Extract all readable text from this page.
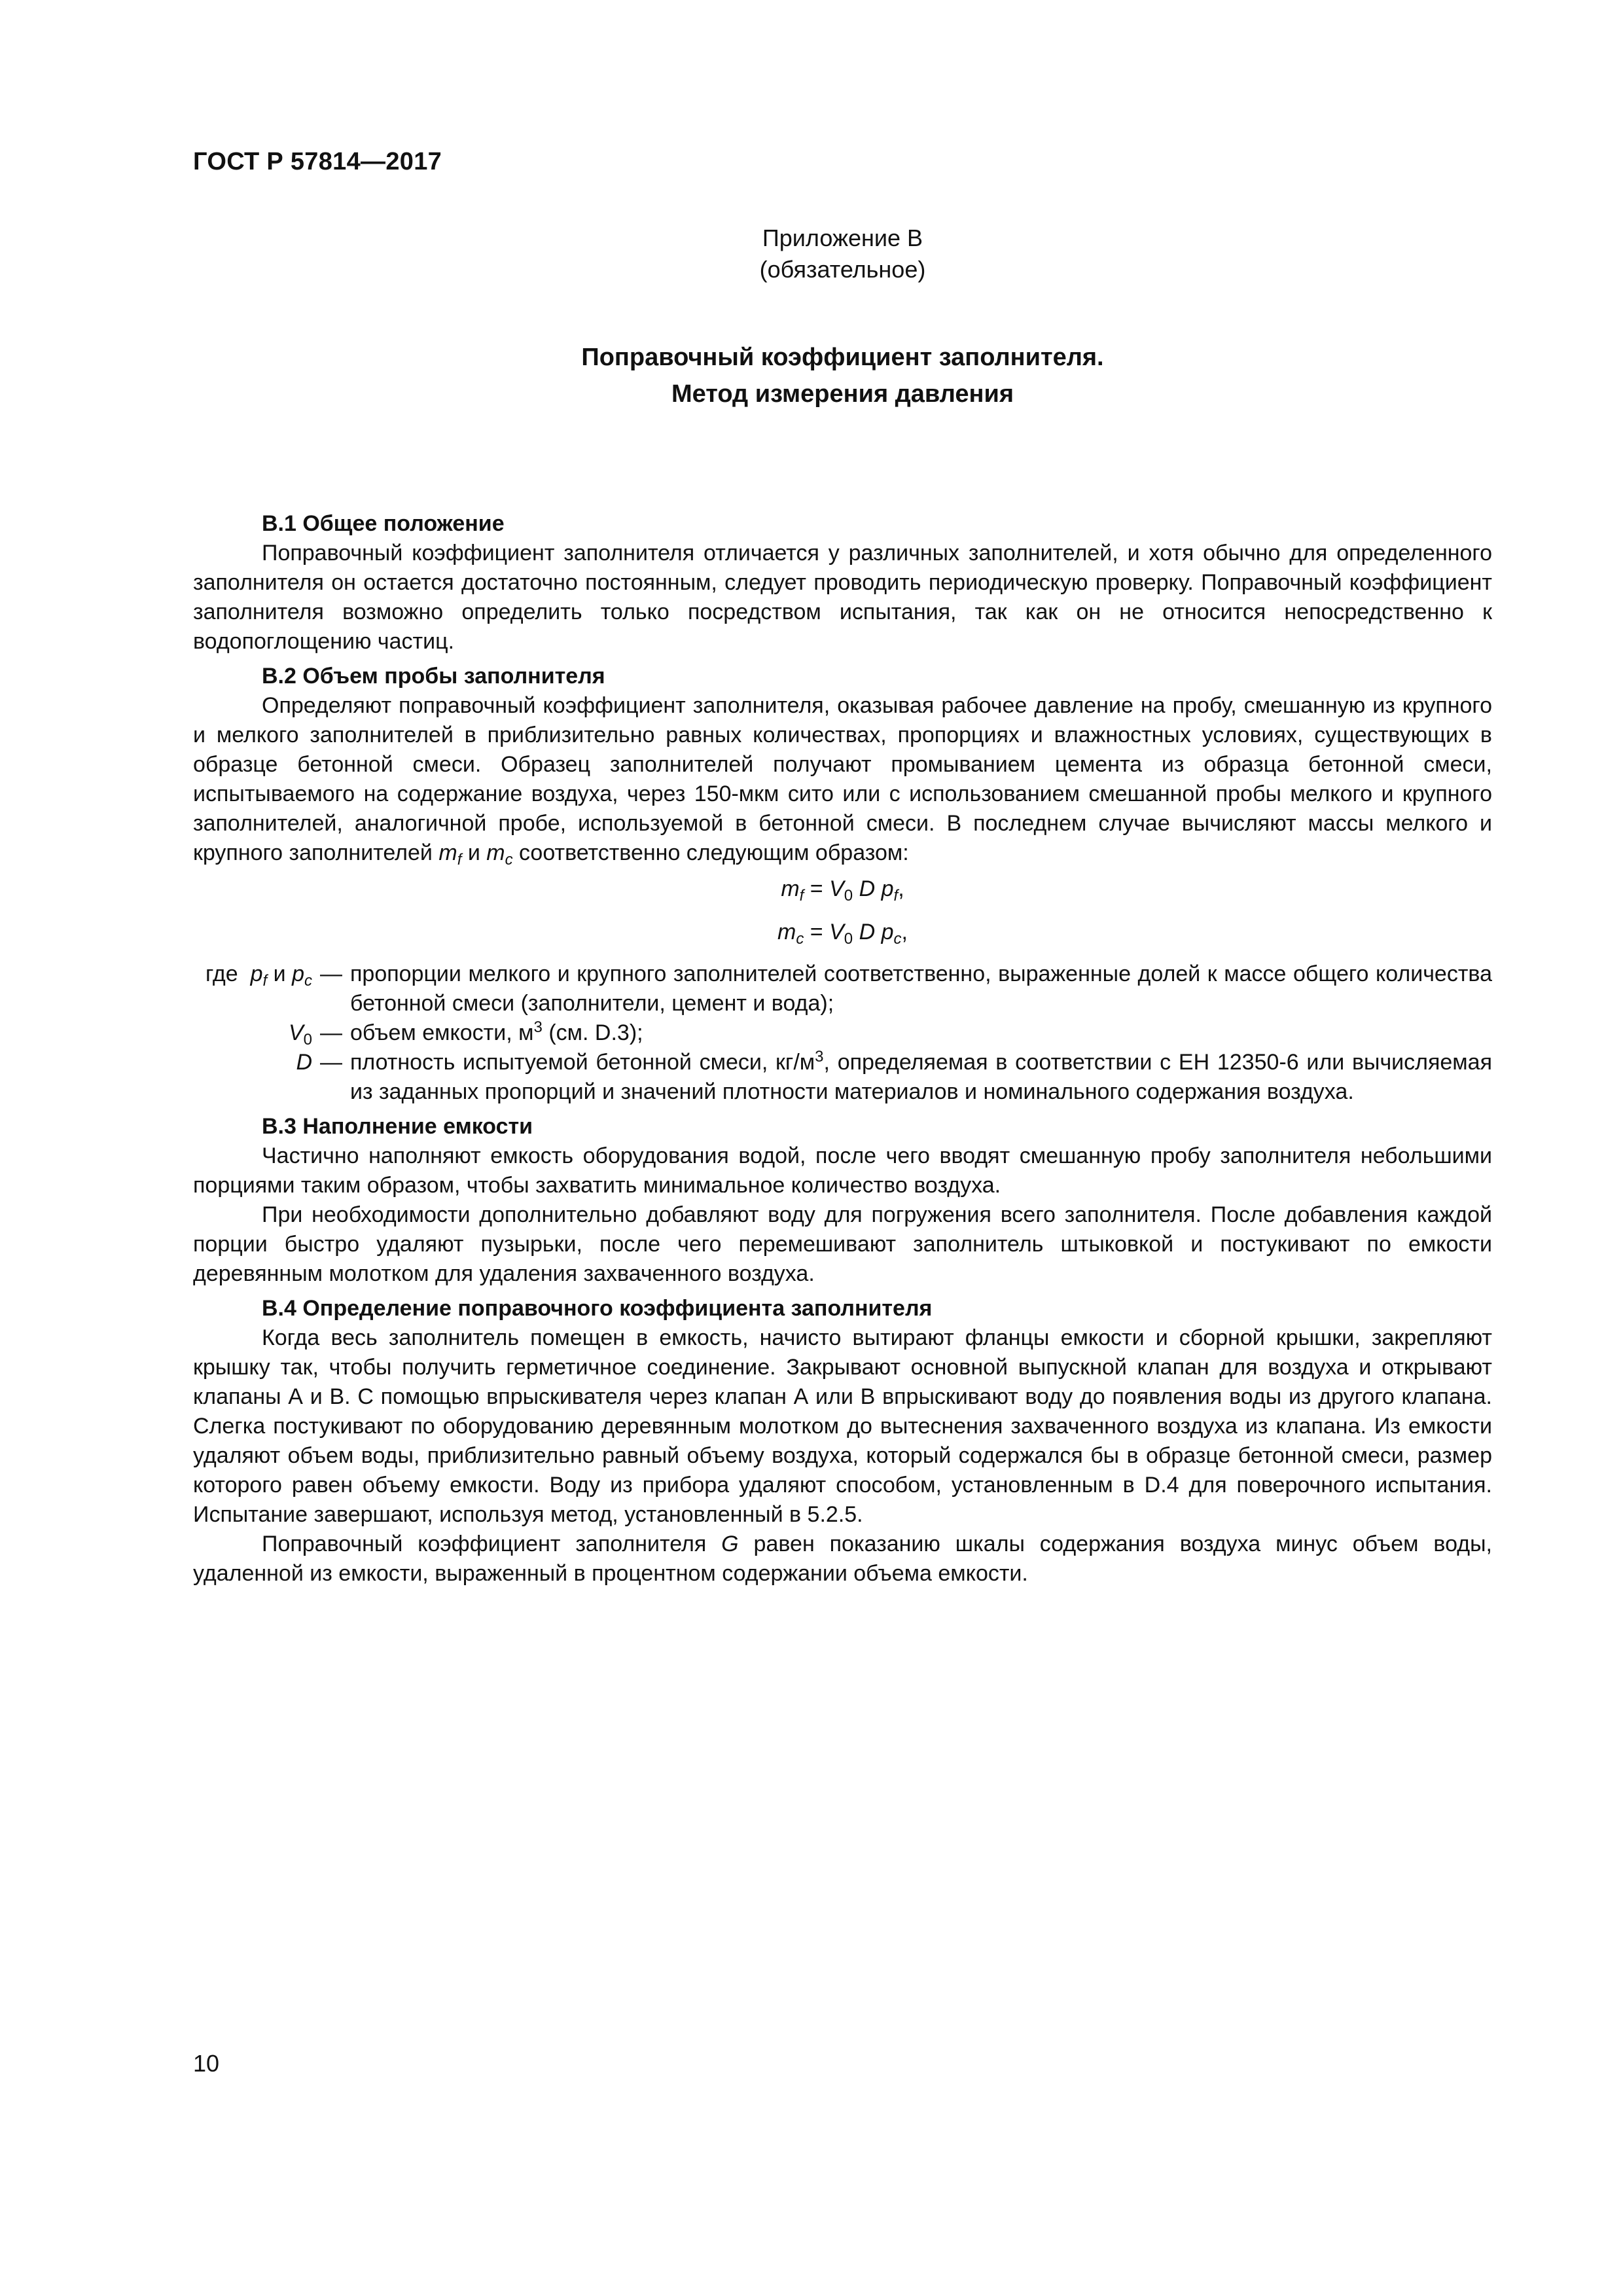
ГОСТ Р 57814—2017
Приложение В
(обязательное)
Поправочный коэффициент заполнителя.
Метод измерения давления

В.1 Общее положение

Поправочный коэффициент заполнителя отличается у различных заполнителей, и хотя обычно для определенного заполнителя он остается достаточно постоянным, следует проводить периодическую проверку. Поправочный коэффициент заполнителя возможно определить только посредством испытания, так как он не относится непосредственно к водопоглощению частиц.

В.2 Объем пробы заполнителя

Определяют поправочный коэффициент заполнителя, оказывая рабочее давление на пробу, смешанную из крупного и мелкого заполнителей в приблизительно равных количествах, пропорциях и влажностных условиях, существующих в образце бетонной смеси. Образец заполнителей получают промыванием цемента из образца бетонной смеси, испытываемого на содержание воздуха, через 150-мкм сито или с использованием смешанной пробы мелкого и крупного заполнителей, аналогичной пробе, используемой в бетонной смеси. В последнем случае вычисляют массы мелкого и крупного заполнителей $m_f$ и $m_c$ соответственно следующим образом:

$m_f = V_0$ D $p_f$,
$m_c = V_0$ D $p_c$,
где $p_f$ и $p_c$ — пропорции мелкого и крупного заполнителей соответственно, выраженные долей к массе общего количества бетонной смеси (заполнители, цемент и вода);
$V_0$ — объем емкости, $м^3$ (см. D.3);
D — плотность испытуемой бетонной смеси, $кг/м^3$, определяемая в соответствии с ЕН 12350-6 или вычисляемая из заданных пропорций и значений плотности материалов и номинального содержания воздуха.

В.3 Наполнение емкости

Частично наполняют емкость оборудования водой, после чего вводят смешанную пробу заполнителя небольшими порциями таким образом, чтобы захватить минимальное количество воздуха.

При необходимости дополнительно добавляют воду для погружения всего заполнителя. После добавления каждой порции быстро удаляют пузырьки, после чего перемешивают заполнитель штыковкой и постукивают по емкости деревянным молотком для удаления захваченного воздуха.

В.4 Определение поправочного коэффициента заполнителя

Когда весь заполнитель помещен в емкость, начисто вытирают фланцы емкости и сборной крышки, закрепляют крышку так, чтобы получить герметичное соединение. Закрывают основной выпускной клапан для воздуха и открывают клапаны А и В. С помощью впрыскивателя через клапан А или В впрыскивают воду до появления воды из другого клапана. Слегка постукивают по оборудованию деревянным молотком до вытеснения захваченного воздуха из клапана. Из емкости удаляют объем воды, приблизительно равный объему воздуха, который содержался бы в образце бетонной смеси, размер которого равен объему емкости. Воду из прибора удаляют способом, установленным в D.4 для поверочного испытания. Испытание завершают, используя метод, установленный в 5.2.5.

Поправочный коэффициент заполнителя G равен показанию шкалы содержания воздуха минус объем воды, удаленной из емкости, выраженный в процентном содержании объема емкости.

10
